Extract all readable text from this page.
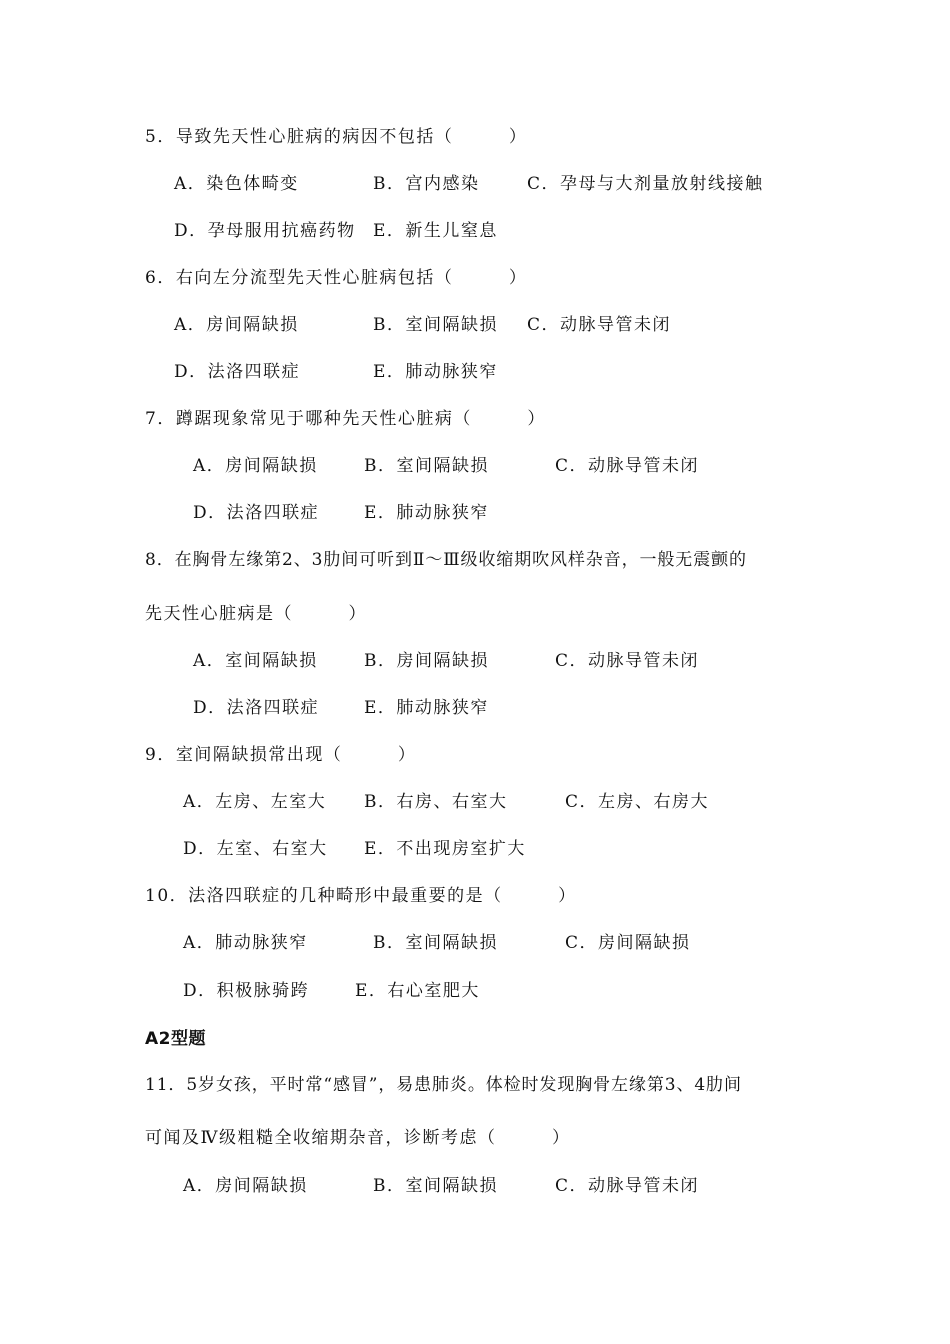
5．导致先天性心脏病的病因不包括（　　　）
A．染色体畸变	B．宫内感染	C．孕母与大剂量放射线接触
D．孕母服用抗癌药物 E．新生儿窒息
6．右向左分流型先天性心脏病包括（　　　）
A．房间隔缺损	B．室间隔缺损 C．动脉导管未闭
D．法洛四联症	E．肺动脉狭窄
7．蹲踞现象常见于哪种先天性心脏病（　　　）
A．房间隔缺损	B．室间隔缺损	C．动脉导管未闭
D．法洛四联症	E．肺动脉狭窄
8．在胸骨左缘第2、3肋间可听到Ⅱ～Ⅲ级收缩期吹风样杂音，一般无震颤的
先天性心脏病是（　　　）
A．室间隔缺损	B．房间隔缺损	C．动脉导管未闭
D．法洛四联症	E．肺动脉狭窄
9．室间隔缺损常出现（　　　）
A．左房、左室大 B．右房、右室大	C．左房、右房大
D．左室、右室大 E．不出现房室扩大
10．法洛四联症的几种畸形中最重要的是（　　　）
A．肺动脉狭窄	B．室间隔缺损	C．房间隔缺损
D．积极脉骑跨	E．右心室肥大
A2型题
11．5岁女孩，平时常“感冒”，易患肺炎。体检时发现胸骨左缘第3、4肋间
可闻及Ⅳ级粗糙全收缩期杂音，诊断考虑（　　　）
A．房间隔缺损	B．室间隔缺损	C．动脉导管未闭
